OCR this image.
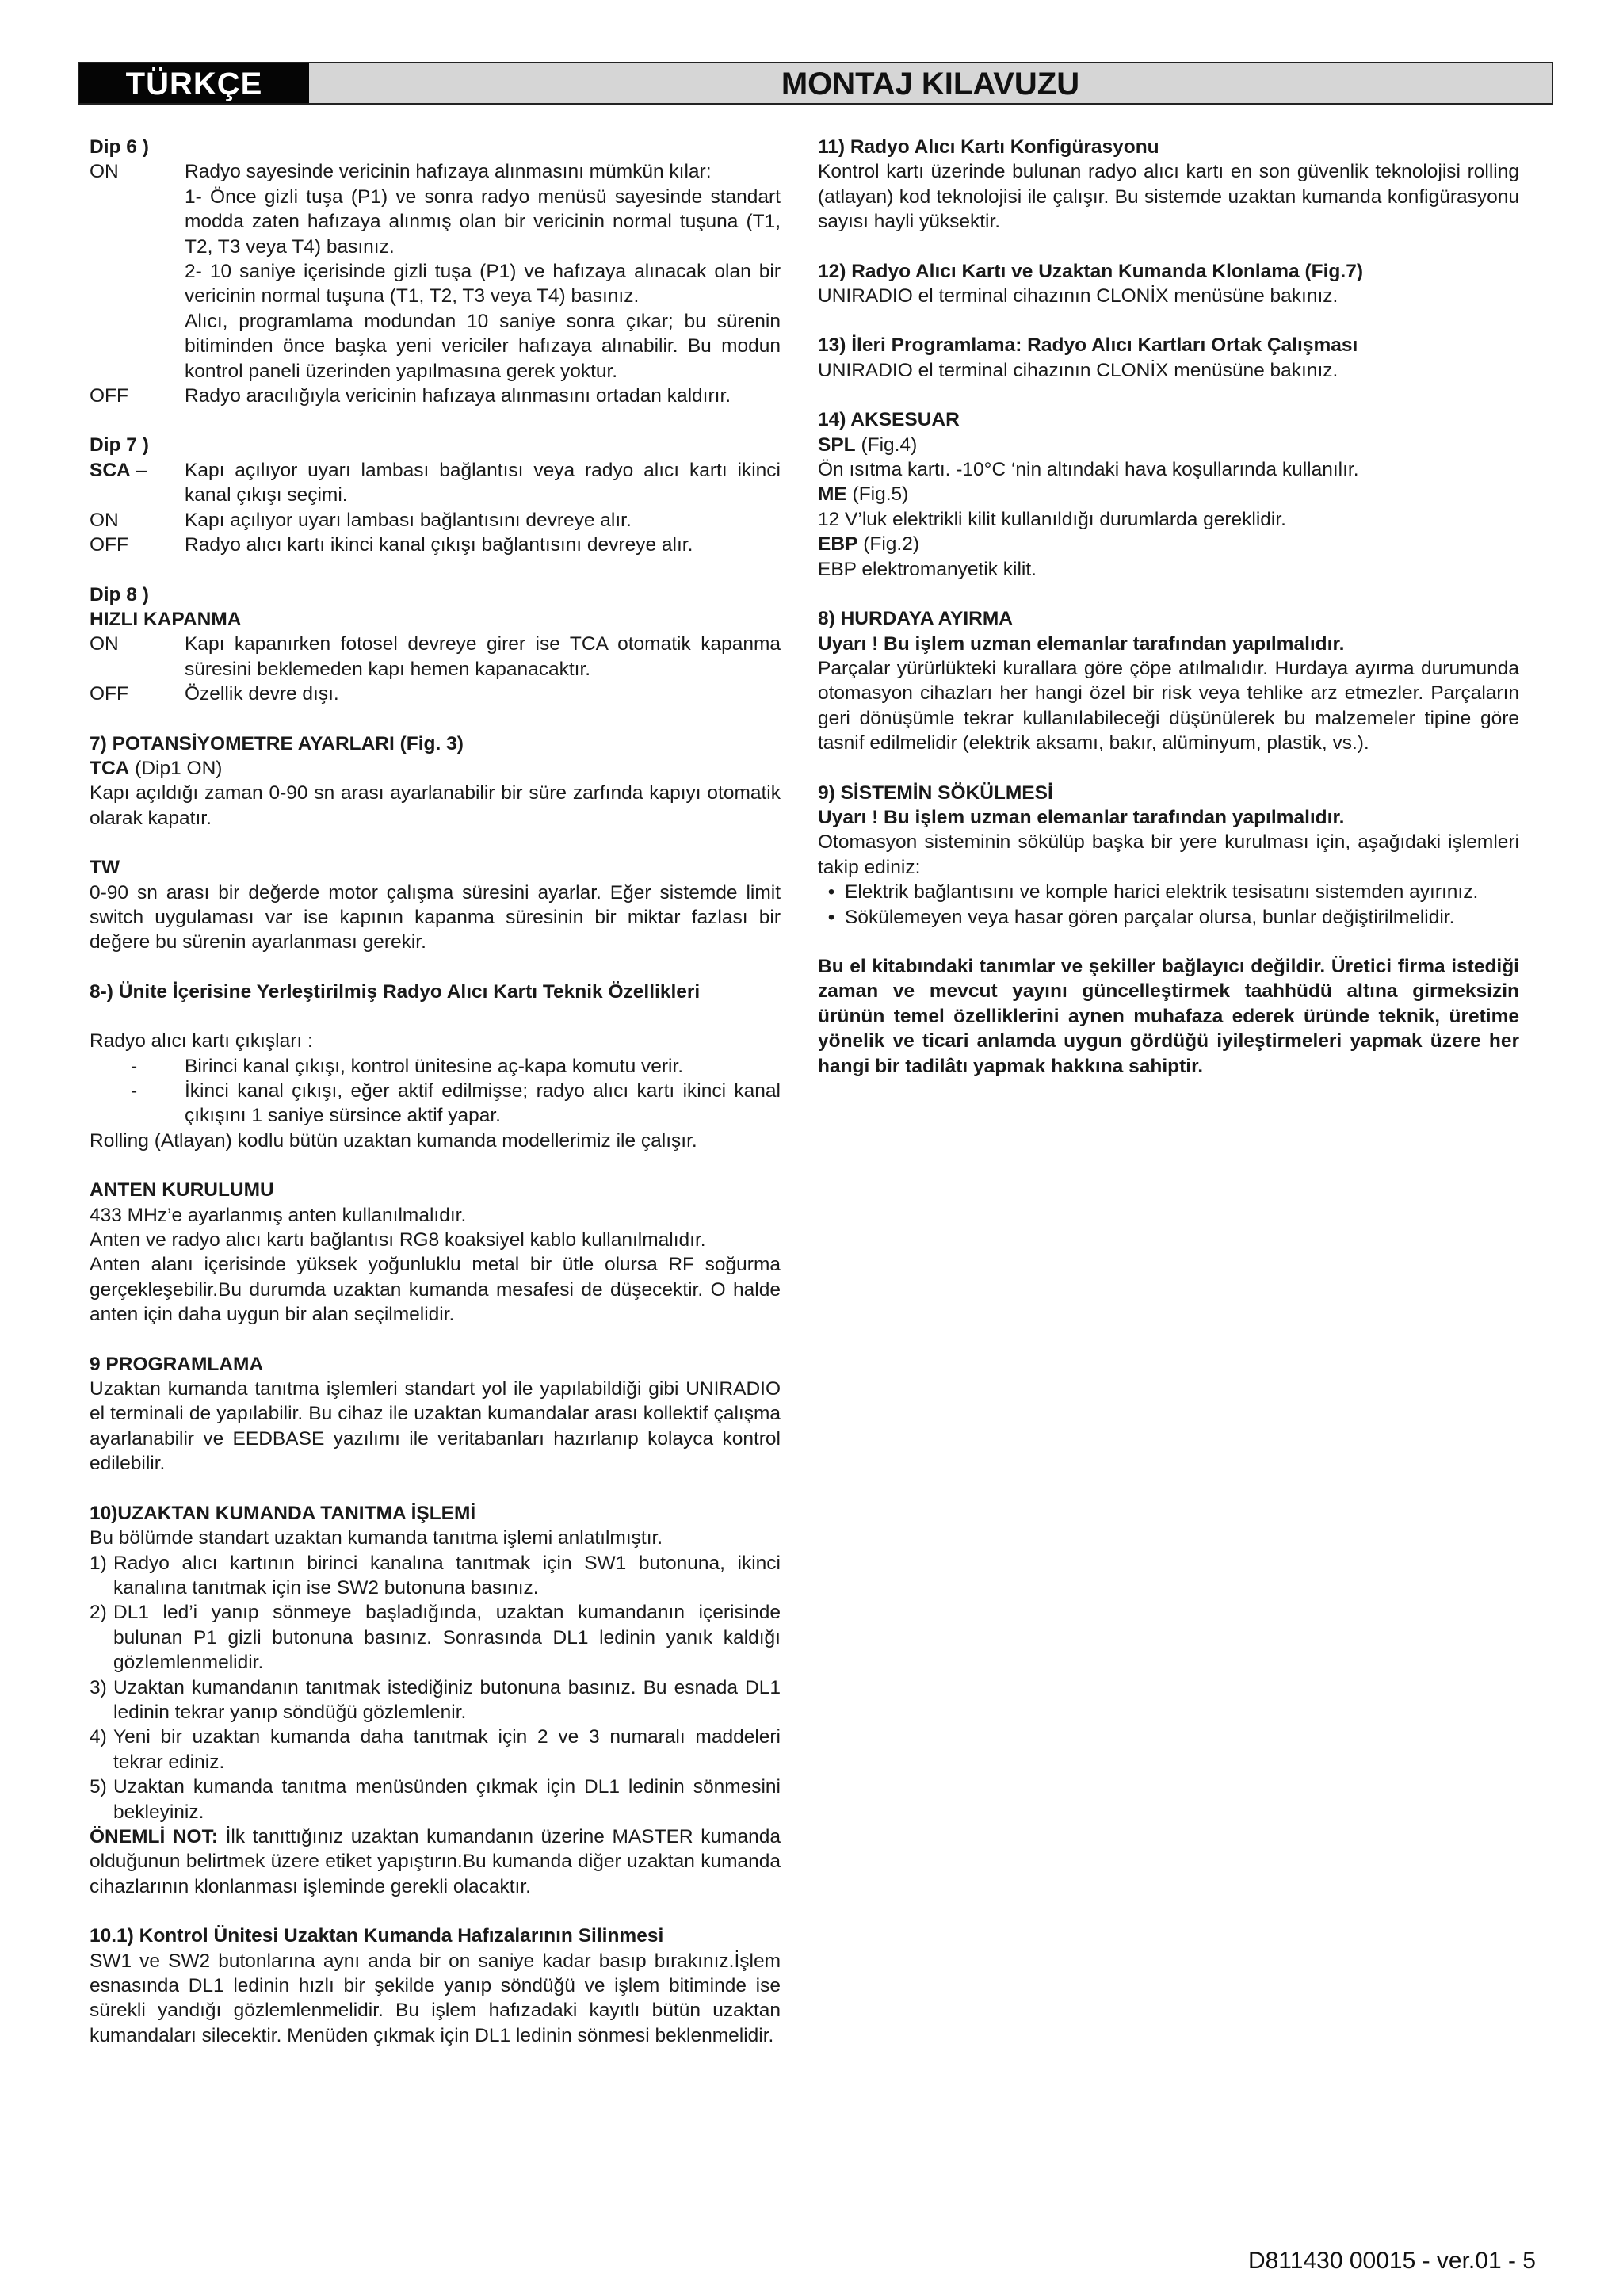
TÜRKÇE	MONTAJ KILAVUZU

Dip 6 )

ON	Radyo sayesinde vericinin hafızaya alınmasını mümkün kılar:

1- Önce gizli tuşa (P1) ve sonra radyo menüsü sayesinde standart modda zaten hafızaya alınmış olan bir vericinin normal tuşuna (T1, T2, T3 veya T4) basınız.

2- 10 saniye içerisinde gizli tuşa (P1) ve hafızaya alınacak olan bir vericinin normal tuşuna (T1, T2, T3 veya T4) basınız.

Alıcı, programlama modundan 10 saniye sonra çıkar; bu sürenin bitiminden önce başka yeni vericiler hafızaya alınabilir. Bu modun kontrol paneli üzerinden yapılmasına gerek yoktur.

OFF	Radyo aracılığıyla vericinin hafızaya alınmasını ortadan kaldırır.

Dip 7 )

SCA –	Kapı açılıyor uyarı lambası bağlantısı veya radyo alıcı kartı ikinci kanal çıkışı seçimi.

ON	Kapı açılıyor uyarı lambası bağlantısını devreye alır.

OFF	Radyo alıcı kartı ikinci kanal çıkışı bağlantısını devreye alır.

Dip 8 )

HIZLI KAPANMA

ON	Kapı kapanırken fotosel devreye girer ise TCA otomatik kapanma süresini beklemeden kapı hemen kapanacaktır.

OFF	Özellik devre dışı.

7) POTANSİYOMETRE AYARLARI (Fig. 3)

TCA (Dip1 ON)

Kapı açıldığı zaman 0-90 sn arası ayarlanabilir bir süre zarfında kapıyı otomatik olarak kapatır.

TW

0-90 sn arası bir değerde motor çalışma süresini ayarlar. Eğer sistemde limit switch uygulaması var ise kapının kapanma süresinin bir miktar fazlası bir değere bu sürenin ayarlanması gerekir.

8-) Ünite İçerisine Yerleştirilmiş Radyo Alıcı Kartı Teknik Özellikleri

Radyo alıcı kartı çıkışları :

-	Birinci kanal çıkışı, kontrol ünitesine aç-kapa komutu verir.

-	İkinci kanal çıkışı, eğer aktif edilmişse; radyo alıcı kartı ikinci kanal çıkışını 1 saniye sürsince aktif yapar.

Rolling (Atlayan) kodlu bütün uzaktan kumanda modellerimiz ile çalışır.

ANTEN KURULUMU

433 MHz’e ayarlanmış anten kullanılmalıdır.

Anten ve radyo alıcı kartı bağlantısı RG8 koaksiyel kablo kullanılmalıdır.

Anten alanı içerisinde yüksek yoğunluklu metal bir ütle olursa RF soğurma gerçekleşebilir.Bu durumda uzaktan kumanda mesafesi de düşecektir. O halde anten için daha uygun bir alan seçilmelidir.

9 PROGRAMLAMA

Uzaktan kumanda tanıtma işlemleri standart yol ile yapılabildiği gibi UNIRADIO el terminali de yapılabilir. Bu cihaz ile uzaktan kumandalar arası kollektif çalışma ayarlanabilir ve EEDBASE yazılımı ile veritabanları hazırlanıp kolayca kontrol edilebilir.

10)UZAKTAN KUMANDA TANITMA İŞLEMİ

Bu bölümde standart uzaktan kumanda tanıtma işlemi anlatılmıştır.

1) Radyo alıcı kartının birinci kanalına tanıtmak için SW1 butonuna, ikinci kanalına tanıtmak için ise SW2 butonuna basınız.

2) DL1 led’i yanıp sönmeye başladığında, uzaktan kumandanın içerisinde bulunan P1 gizli butonuna basınız. Sonrasında DL1 ledinin yanık kaldığı gözlemlenmelidir.

3) Uzaktan kumandanın tanıtmak istediğiniz butonuna basınız. Bu esnada DL1 ledinin tekrar yanıp söndüğü gözlemlenir.

4) Yeni bir uzaktan kumanda daha tanıtmak için 2 ve 3 numaralı maddeleri tekrar ediniz.

5) Uzaktan kumanda tanıtma menüsünden çıkmak için DL1 ledinin sönmesini bekleyiniz.

ÖNEMLİ NOT: İlk tanıttığınız uzaktan kumandanın üzerine MASTER kumanda olduğunun belirtmek üzere etiket yapıştırın.Bu kumanda diğer uzaktan kumanda cihazlarının klonlanması işleminde gerekli olacaktır.

10.1) Kontrol Ünitesi Uzaktan Kumanda Hafızalarının Silinmesi

SW1 ve SW2 butonlarına aynı anda bir on saniye kadar basıp bırakınız.İşlem esnasında DL1 ledinin hızlı bir şekilde yanıp söndüğü ve işlem bitiminde ise sürekli yandığı gözlemlenmelidir. Bu işlem hafızadaki kayıtlı bütün uzaktan kumandaları silecektir. Menüden çıkmak için DL1 ledinin sönmesi beklenmelidir.

11) Radyo Alıcı Kartı Konfigürasyonu

Kontrol kartı üzerinde bulunan radyo alıcı kartı en son güvenlik teknolojisi rolling (atlayan) kod teknolojisi ile çalışır. Bu sistemde uzaktan kumanda konfigürasyonu sayısı hayli yüksektir.

12) Radyo Alıcı Kartı ve Uzaktan Kumanda Klonlama (Fig.7)

UNIRADIO el terminal cihazının CLONİX menüsüne bakınız.

13) İleri Programlama: Radyo Alıcı Kartları Ortak Çalışması

UNIRADIO el terminal cihazının CLONİX menüsüne bakınız.

14) AKSESUAR

SPL (Fig.4)

Ön ısıtma kartı. -10°C ‘nin altındaki hava koşullarında kullanılır.

ME (Fig.5)

12 V’luk elektrikli kilit kullanıldığı durumlarda gereklidir.

EBP (Fig.2)

EBP elektromanyetik kilit.

8) HURDAYA AYIRMA

Uyarı ! Bu işlem uzman elemanlar tarafından yapılmalıdır.

Parçalar yürürlükteki kurallara göre çöpe atılmalıdır. Hurdaya ayırma durumunda otomasyon cihazları her hangi özel bir risk veya tehlike arz etmezler. Parçaların geri dönüşümle tekrar kullanılabileceği düşünülerek bu malzemeler tipine göre tasnif edilmelidir (elektrik aksamı, bakır, alüminyum, plastik, vs.).

9) SİSTEMİN SÖKÜLMESİ

Uyarı ! Bu işlem uzman elemanlar tarafından yapılmalıdır.

Otomasyon sisteminin sökülüp başka bir yere kurulması için, aşağıdaki işlemleri takip ediniz:

• Elektrik bağlantısını ve komple harici elektrik tesisatını sistemden ayırınız.

• Sökülemeyen veya hasar gören parçalar olursa, bunlar değiştirilmelidir.

Bu el kitabındaki tanımlar ve şekiller bağlayıcı değildir. Üretici firma istediği zaman ve mevcut yayını güncelleştirmek taahhüdü altına girmeksizin ürünün temel özelliklerini aynen muhafaza ederek üründe teknik, üretime yönelik ve ticari anlamda uygun gördüğü iyileştirmeleri yapmak üzere her hangi bir tadilâtı yapmak hakkına sahiptir.

D811430 00015 - ver.01 - 5
